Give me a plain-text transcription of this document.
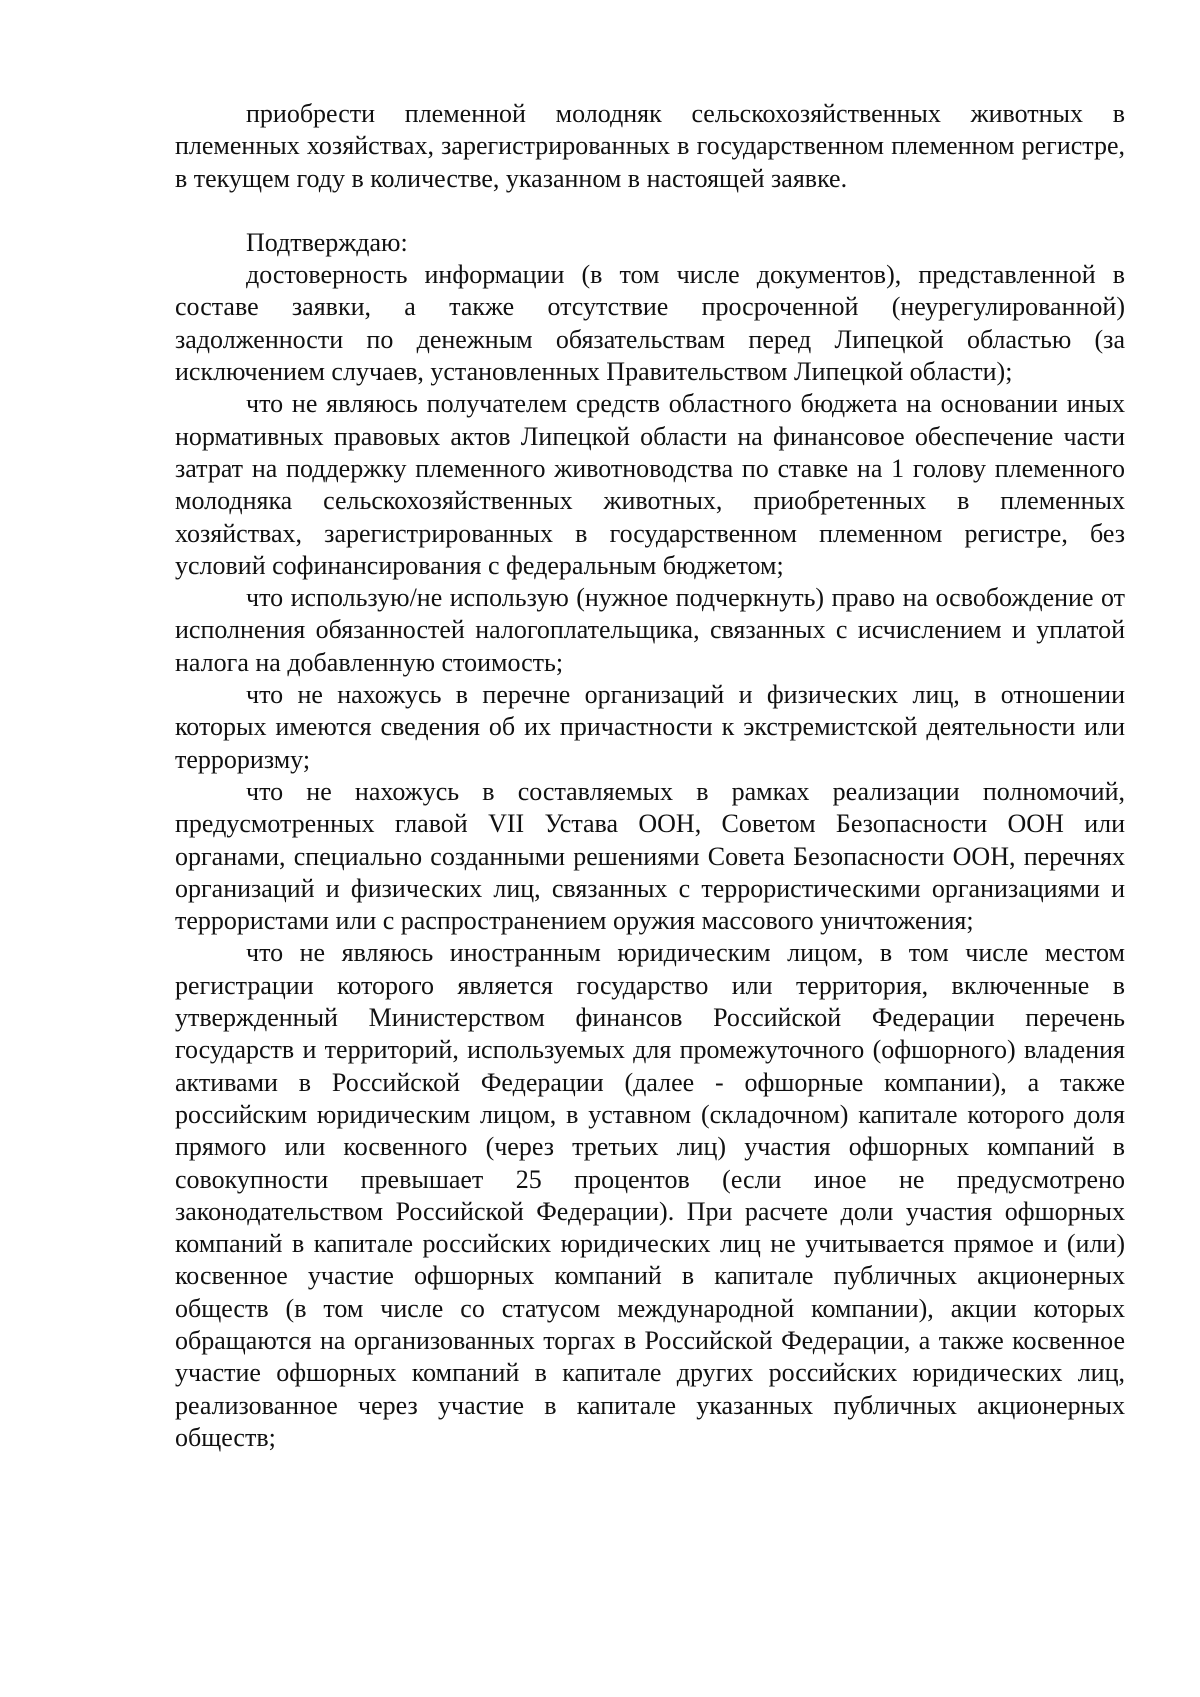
приобрести племенной молодняк сельскохозяйственных животных в племенных хозяйствах, зарегистрированных в государственном племенном регистре, в текущем году в количестве, указанном в настоящей заявке.

Подтверждаю:

достоверность информации (в том числе документов), представленной в составе заявки, а также отсутствие просроченной (неурегулированной) задолженности по денежным обязательствам перед Липецкой областью (за исключением случаев, установленных Правительством Липецкой области);

что не являюсь получателем средств областного бюджета на основании иных нормативных правовых актов Липецкой области на финансовое обеспечение части затрат на поддержку племенного животноводства по ставке на 1 голову племенного молодняка сельскохозяйственных животных, приобретенных в племенных хозяйствах, зарегистрированных в государственном племенном регистре, без условий софинансирования с федеральным бюджетом;

что использую/не использую (нужное подчеркнуть) право на освобождение от исполнения обязанностей налогоплательщика, связанных с исчислением и уплатой налога на добавленную стоимость;

что не нахожусь в перечне организаций и физических лиц, в отношении которых имеются сведения об их причастности к экстремистской деятельности или терроризму;

что не нахожусь в составляемых в рамках реализации полномочий, предусмотренных главой VII Устава ООН, Советом Безопасности ООН или органами, специально созданными решениями Совета Безопасности ООН, перечнях организаций и физических лиц, связанных с террористическими организациями и террористами или с распространением оружия массового уничтожения;

что не являюсь иностранным юридическим лицом, в том числе местом регистрации которого является государство или территория, включенные в утвержденный Министерством финансов Российской Федерации перечень государств и территорий, используемых для промежуточного (офшорного) владения активами в Российской Федерации (далее - офшорные компании), а также российским юридическим лицом, в уставном (складочном) капитале которого доля прямого или косвенного (через третьих лиц) участия офшорных компаний в совокупности превышает 25 процентов (если иное не предусмотрено законодательством Российской Федерации). При расчете доли участия офшорных компаний в капитале российских юридических лиц не учитывается прямое и (или) косвенное участие офшорных компаний в капитале публичных акционерных обществ (в том числе со статусом международной компании), акции которых обращаются на организованных торгах в Российской Федерации, а также косвенное участие офшорных компаний в капитале других российских юридических лиц, реализованное через участие в капитале указанных публичных акционерных обществ;
